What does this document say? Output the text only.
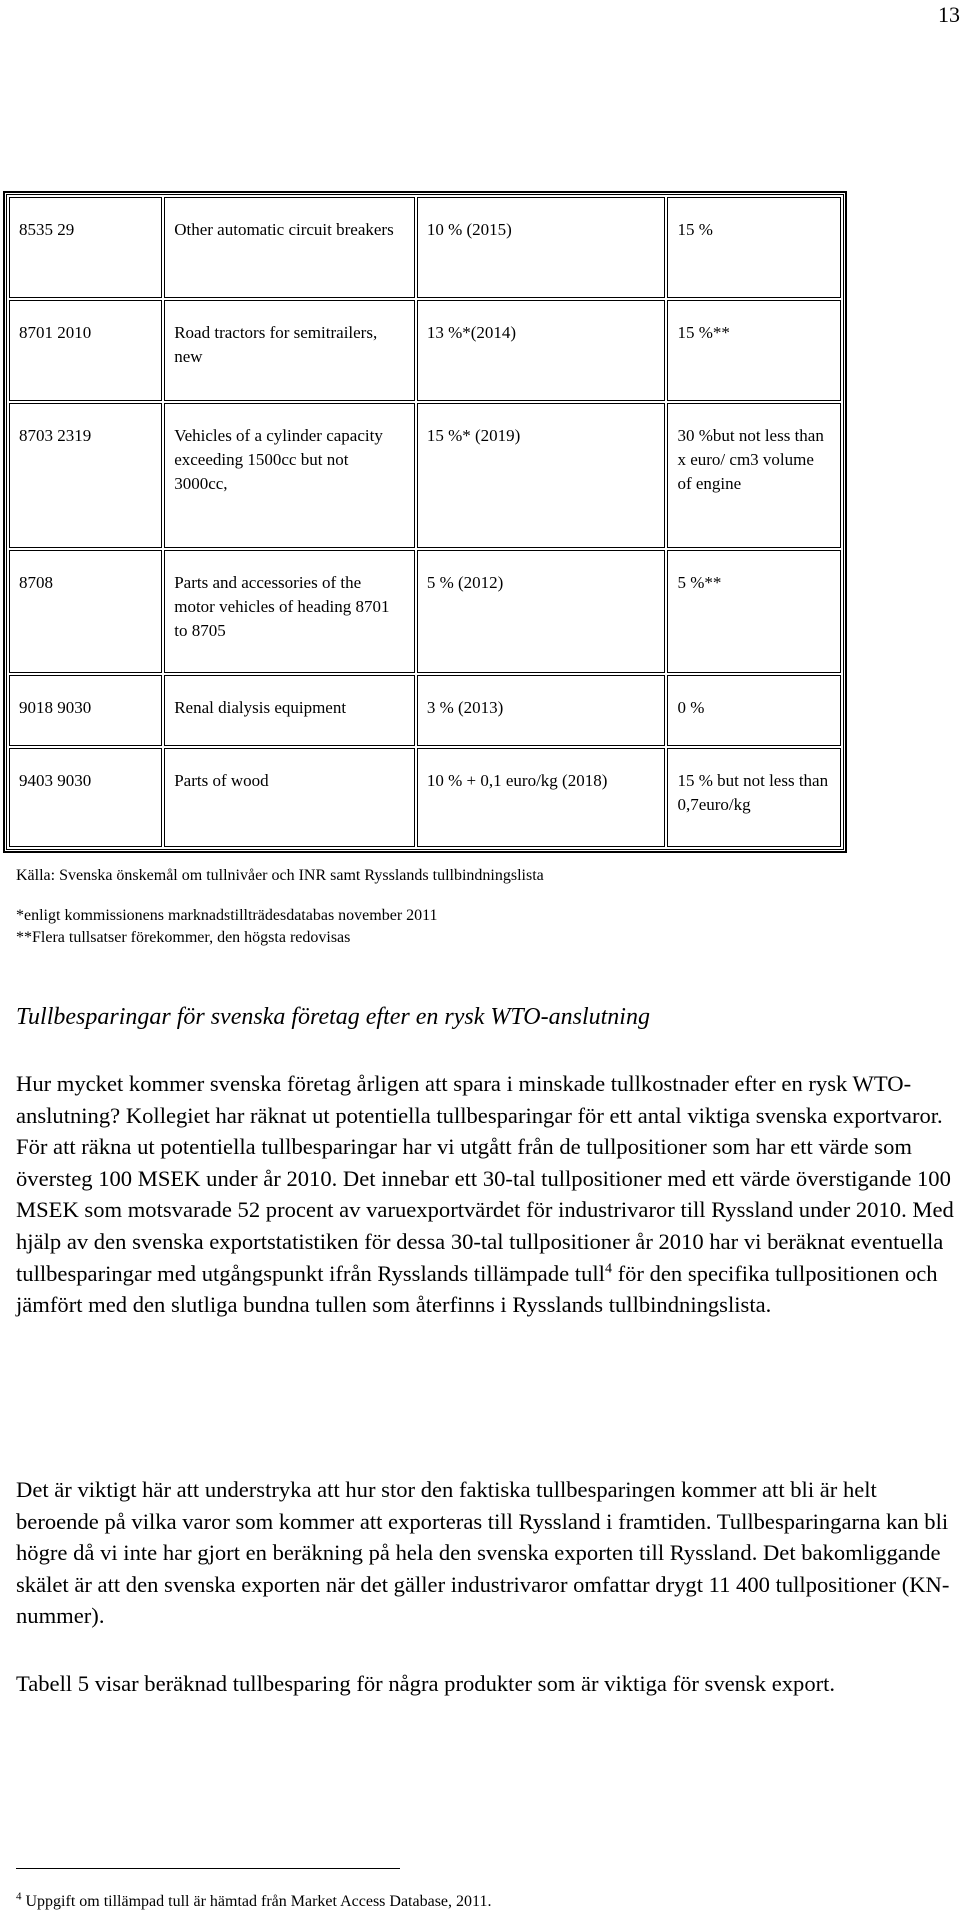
13
8535 29	Other automatic circuit breakers	10 % (2015)	15 %
8701 2010	Road tractors for semitrailers, new	13 %*(2014)	15 %**
8703 2319	Vehicles of a cylinder capacity exceeding 1500cc but not 3000cc,	15 %* (2019)	30 %but not less than x euro/ cm3 volume of engine
8708	Parts and accessories of the motor vehicles of heading 8701 to 8705	5 % (2012)	5 %**
9018 9030	Renal dialysis equipment	3 % (2013)	0 %
9403 9030	Parts of wood	10 % + 0,1 euro/kg (2018)	15 % but not less than 0,7euro/kg
Källa: Svenska önskemål om tullnivåer och INR samt Rysslands tullbindningslista
*enligt kommissionens marknadstillträdesdatabas november 2011
**Flera tullsatser förekommer, den högsta redovisas
Tullbesparingar för svenska företag efter en rysk WTO-anslutning

Hur mycket kommer svenska företag årligen att spara i minskade tullkostnader efter en rysk WTO-anslutning? Kollegiet har räknat ut potentiella tullbesparingar för ett antal viktiga svenska exportvaror. För att räkna ut potentiella tullbesparingar har vi utgått från de tullpositioner som har ett värde som översteg 100 MSEK under år 2010. Det innebar ett 30-tal tullpositioner med ett värde överstigande 100 MSEK som motsvarade 52 procent av varuexportvärdet för industrivaror till Ryssland under 2010. Med hjälp av den svenska exportstatistiken för dessa 30-tal tullpositioner år 2010 har vi beräknat eventuella tullbesparingar med utgångspunkt ifrån Rysslands tillämpade tull$^4$ för den specifika tullpositionen och jämfört med den slutliga bundna tullen som återfinns i Rysslands tullbindningslista.

Det är viktigt här att understryka att hur stor den faktiska tullbesparingen kommer att bli är helt beroende på vilka varor som kommer att exporteras till Ryssland i framtiden. Tullbesparingarna kan bli högre då vi inte har gjort en beräkning på hela den svenska exporten till Ryssland. Det bakomliggande skälet är att den svenska exporten när det gäller industrivaror omfattar drygt 11 400 tullpositioner (KN-nummer).

Tabell 5 visar beräknad tullbesparing för några produkter som är viktiga för svensk export.

$^4$ Uppgift om tillämpad tull är hämtad från Market Access Database, 2011.
